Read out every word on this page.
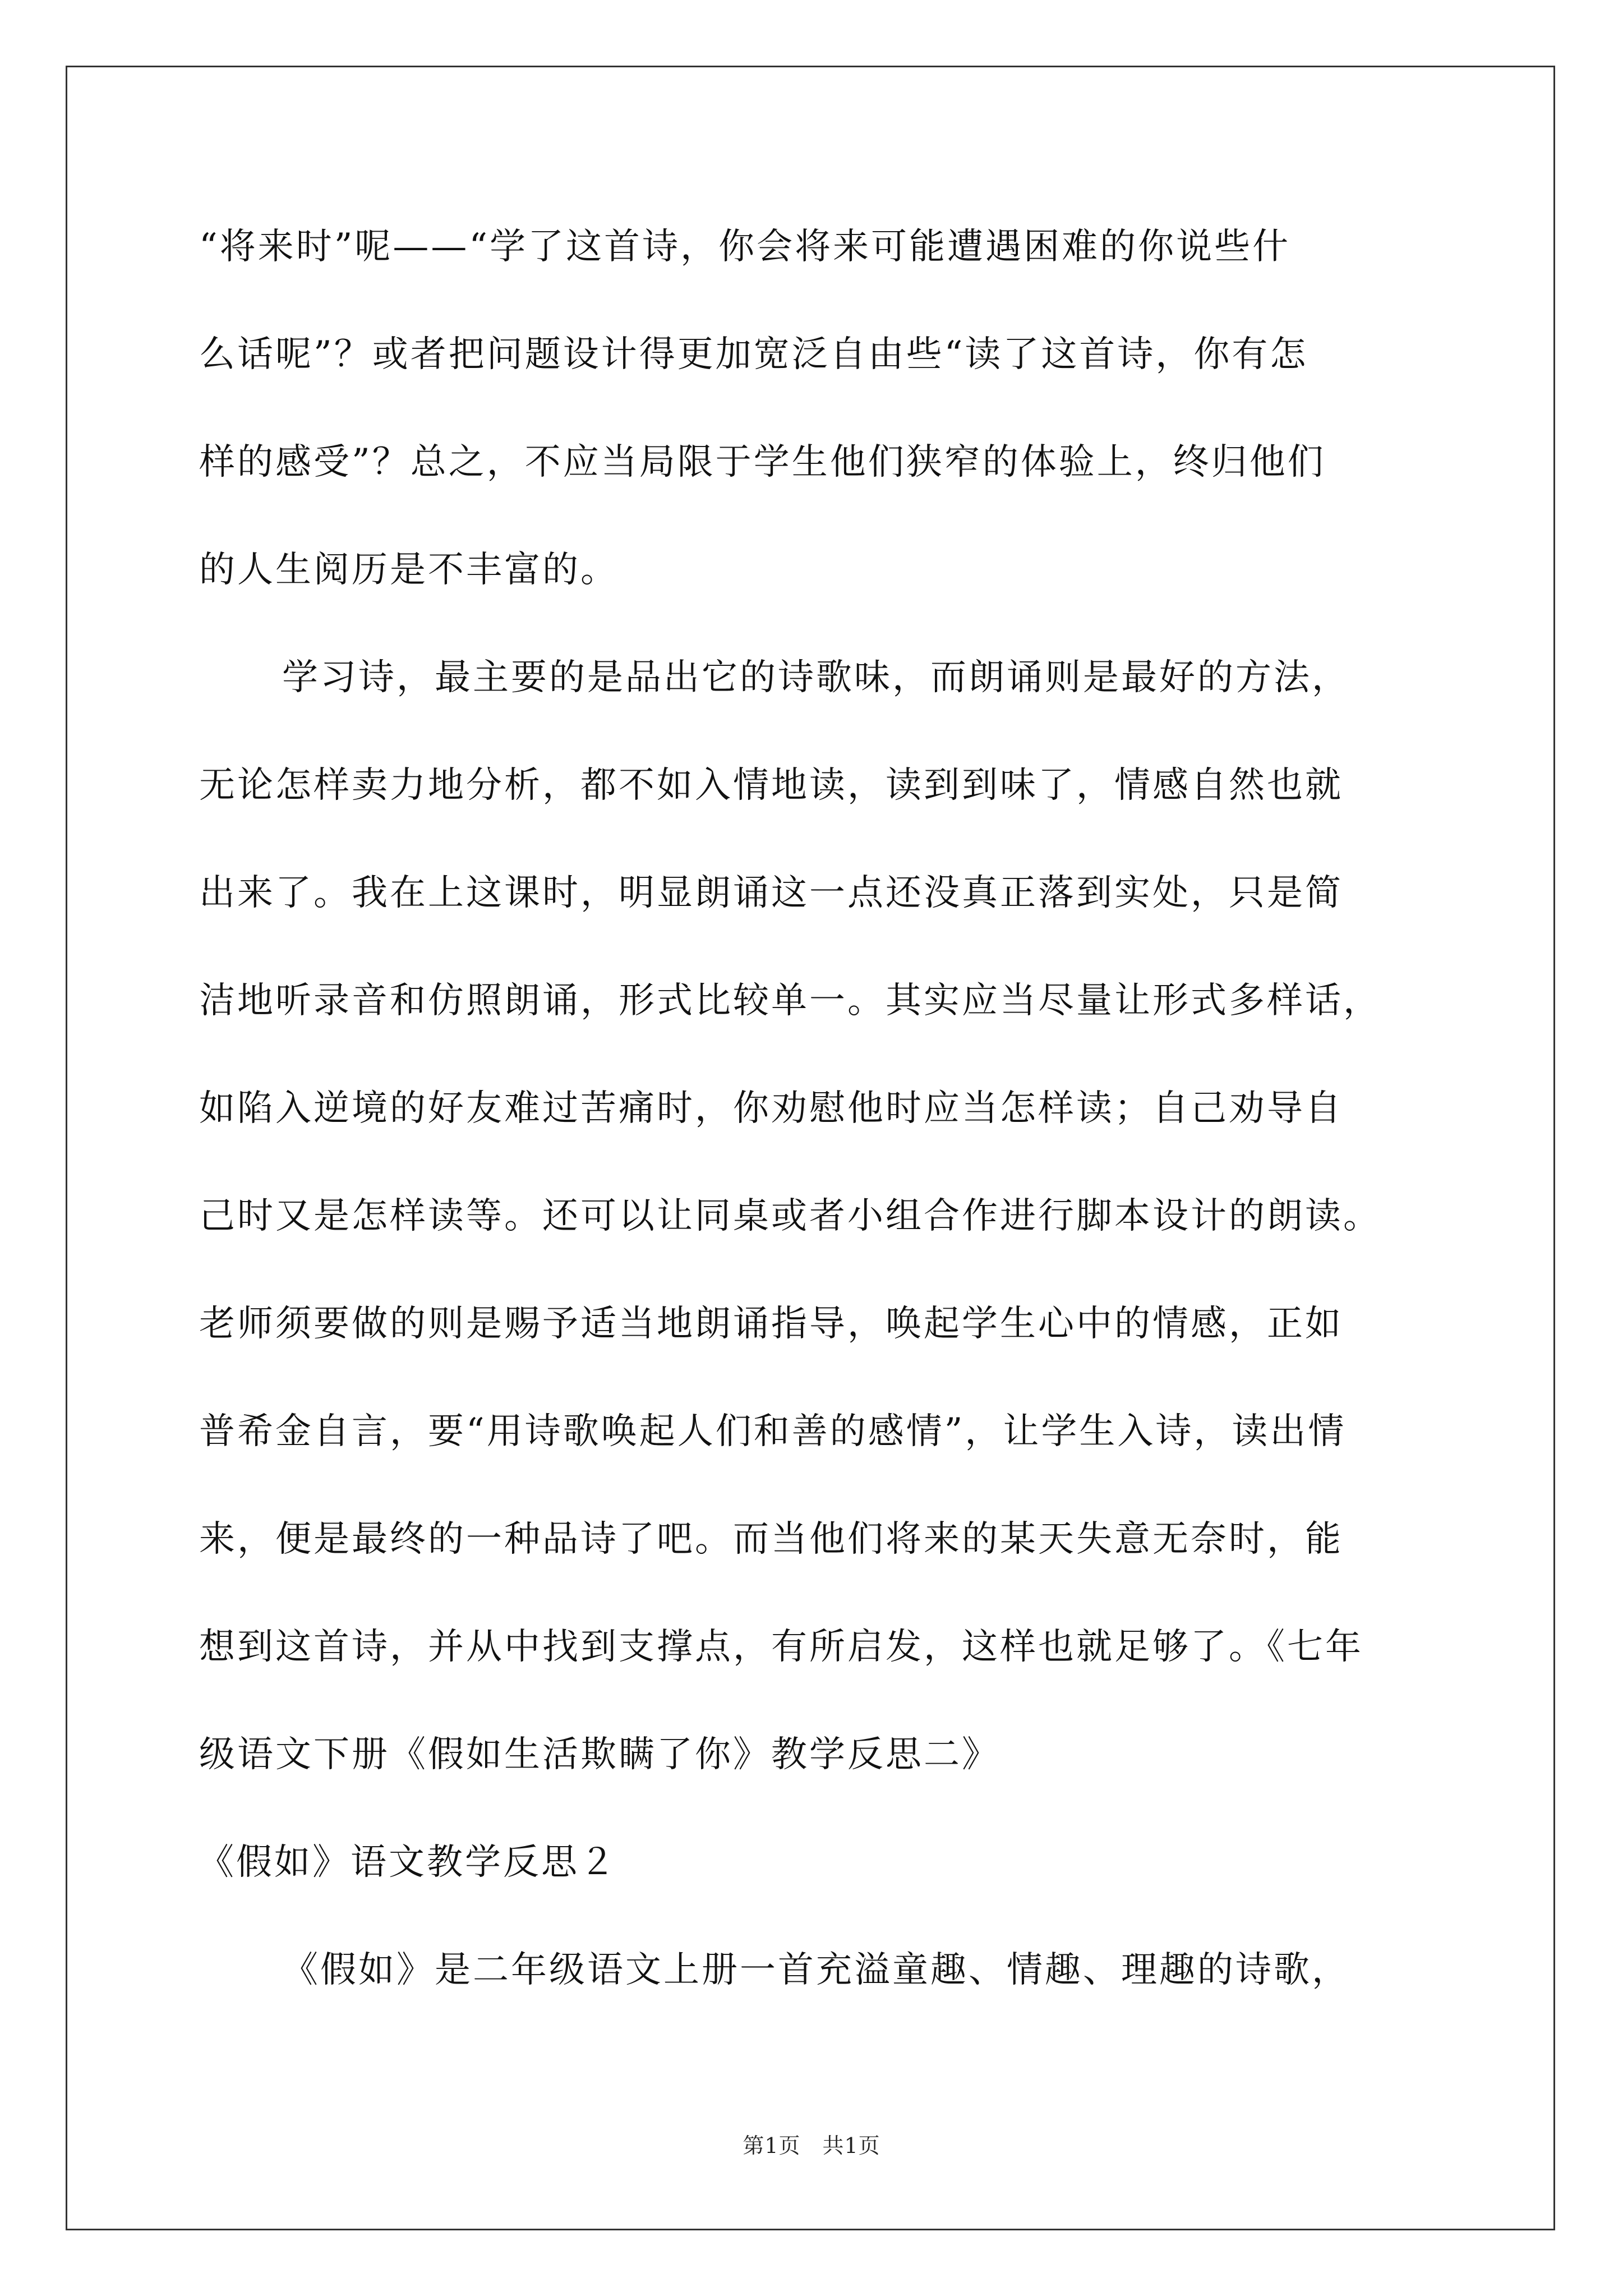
“将来时”呢——“学了这首诗，你会将来可能遭遇困难的你说些什
么话呢”？或者把问题设计得更加宽泛自由些“读了这首诗，你有怎
样的感受”？总之，不应当局限于学生他们狭窄的体验上，终归他们
的人生阅历是不丰富的。
学习诗，最主要的是品出它的诗歌味，而朗诵则是最好的方法，
无论怎样卖力地分析，都不如入情地读，读到到味了，情感自然也就
出来了。我在上这课时，明显朗诵这一点还没真正落到实处，只是简
洁地听录音和仿照朗诵，形式比较单一。其实应当尽量让形式多样话，
如陷入逆境的好友难过苦痛时，你劝慰他时应当怎样读；自己劝导自
己时又是怎样读等。还可以让同桌或者小组合作进行脚本设计的朗读。
老师须要做的则是赐予适当地朗诵指导，唤起学生心中的情感，正如
普希金自言，要“用诗歌唤起人们和善的感情”，让学生入诗，读出情
来，便是最终的一种品诗了吧。而当他们将来的某天失意无奈时，能
想到这首诗，并从中找到支撑点，有所启发，这样也就足够了。《七年
级语文下册《假如生活欺瞒了你》教学反思二》
《假如》语文教学反思２
《假如》是二年级语文上册一首充溢童趣、情趣、理趣的诗歌，
第1页　共1页
